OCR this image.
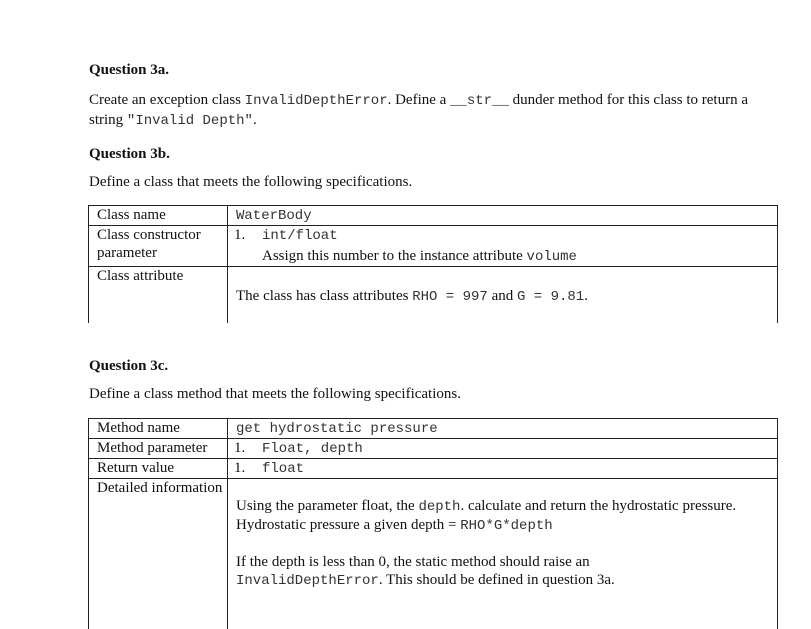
Question 3a.
Create an exception class InvalidDepthError. Define a __str__ dunder method for this class to return a string "Invalid Depth".
Question 3b.
Define a class that meets the following specifications.
Class name	WaterBody
Class constructor parameter	1. int/float
Assign this number to the instance attribute volume

Class attribute	The class has class attributes RHO = 997 and G = 9.81.
Question 3c.
Define a class method that meets the following specifications.
Method name	get hydrostatic pressure
Method parameter	1. Float, depth

Return value	1. float

Detailed information	Using the parameter float, the depth. calculate and return the hydrostatic pressure.
Hydrostatic pressure a given depth = RHO*G*depth
If the depth is less than 0, the static method should raise an
InvalidDepthError. This should be defined in question 3a.
